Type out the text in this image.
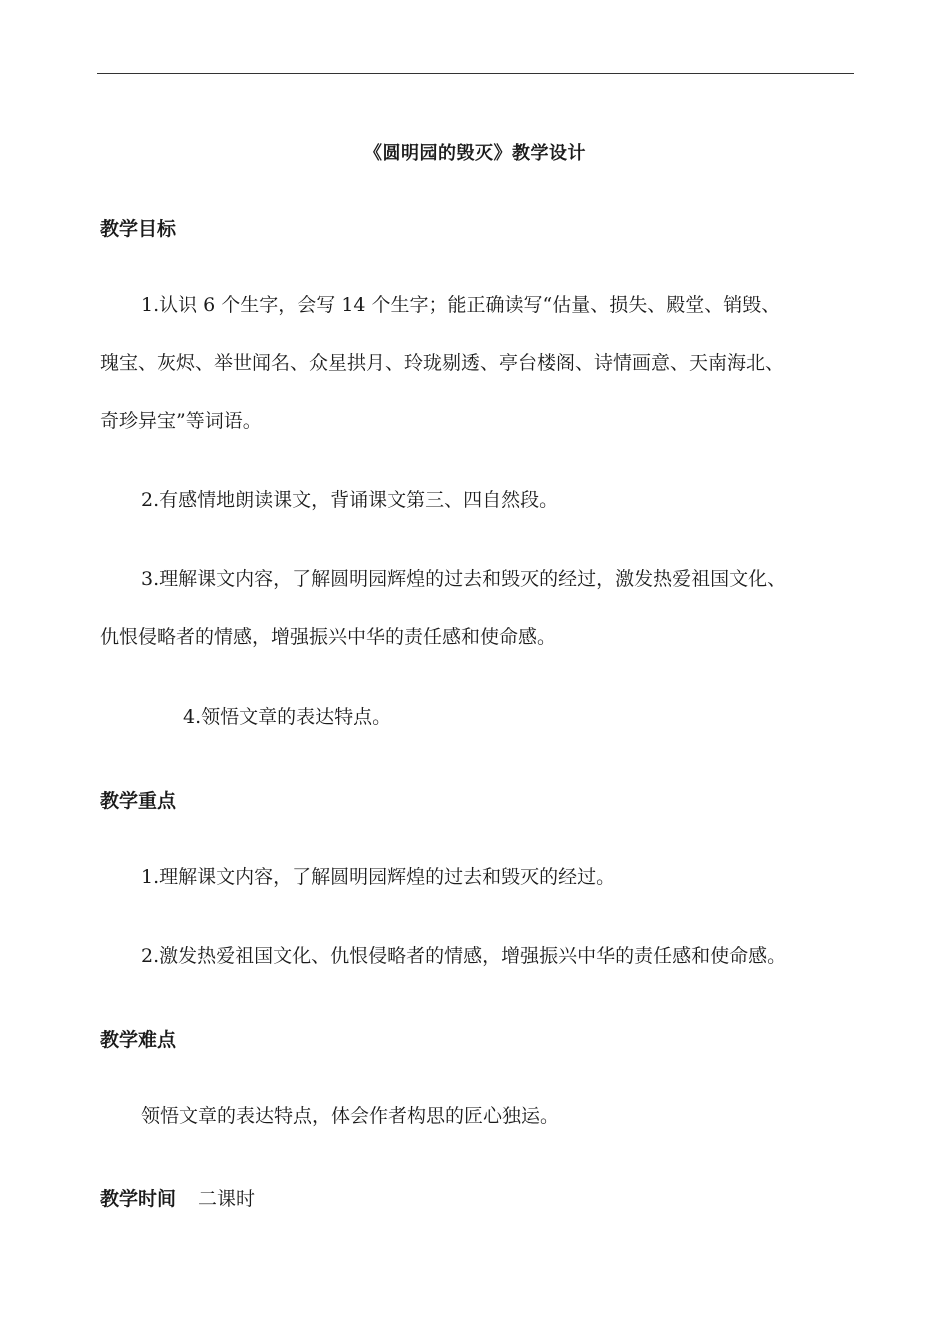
《圆明园的毁灭》教学设计
教学目标
1.认识 6 个生字，会写 14 个生字；能正确读写“估量、损失、殿堂、销毁、
瑰宝、灰烬、举世闻名、众星拱月、玲珑剔透、亭台楼阁、诗情画意、天南海北、
奇珍异宝”等词语。
2.有感情地朗读课文，背诵课文第三、四自然段。
3.理解课文内容，了解圆明园辉煌的过去和毁灭的经过，激发热爱祖国文化、
仇恨侵略者的情感，增强振兴中华的责任感和使命感。
4.领悟文章的表达特点。
教学重点
1.理解课文内容，了解圆明园辉煌的过去和毁灭的经过。
2.激发热爱祖国文化、仇恨侵略者的情感，增强振兴中华的责任感和使命感。
教学难点
领悟文章的表达特点，体会作者构思的匠心独运。
教学时间 二课时
